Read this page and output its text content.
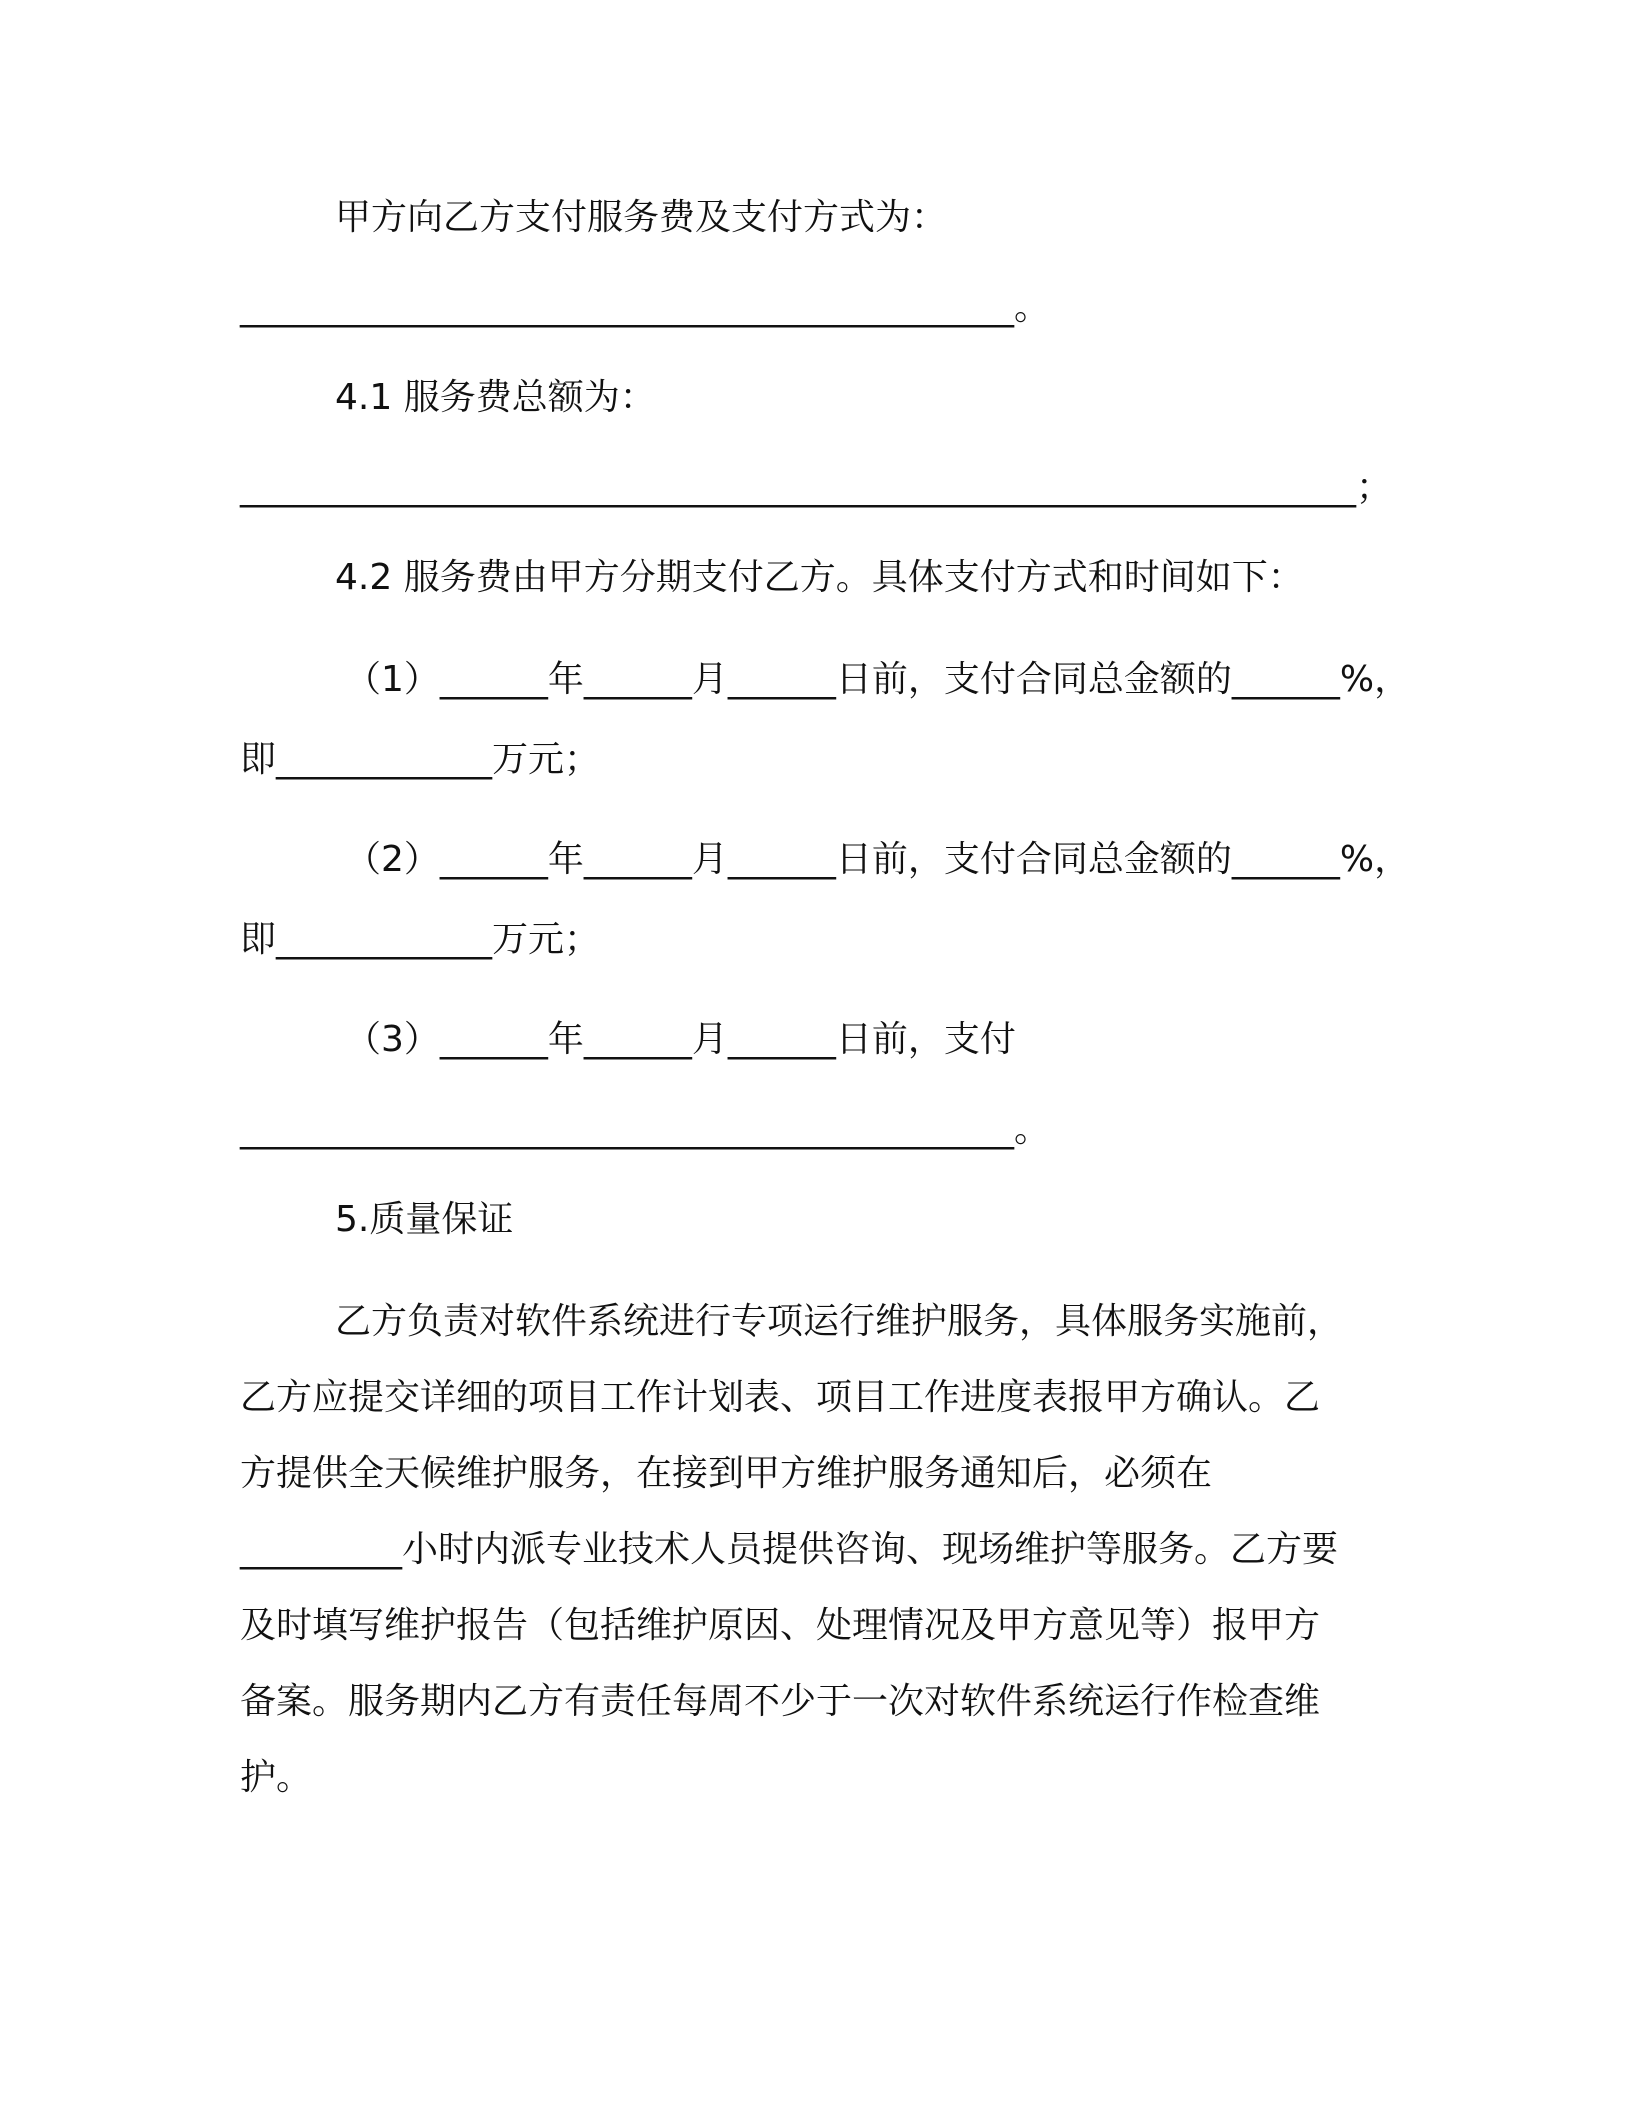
甲方向乙方支付服务费及支付方式为：
___________________________________________。
4.1 服务费总额为：
______________________________________________________________；
4.2 服务费由甲方分期支付乙方。具体支付方式和时间如下：
（1）______年______月______日前，支付合同总金额的______%，
即____________万元；
（2）______年______月______日前，支付合同总金额的______%，
即____________万元；
（3）______年______月______日前，支付
___________________________________________。
5.质量保证
乙方负责对软件系统进行专项运行维护服务，具体服务实施前，
乙方应提交详细的项目工作计划表、项目工作进度表报甲方确认。乙
方提供全天候维护服务，在接到甲方维护服务通知后，必须在
_________小时内派专业技术人员提供咨询、现场维护等服务。乙方要
及时填写维护报告（包括维护原因、处理情况及甲方意见等）报甲方
备案。服务期内乙方有责任每周不少于一次对软件系统运行作检查维
护。
